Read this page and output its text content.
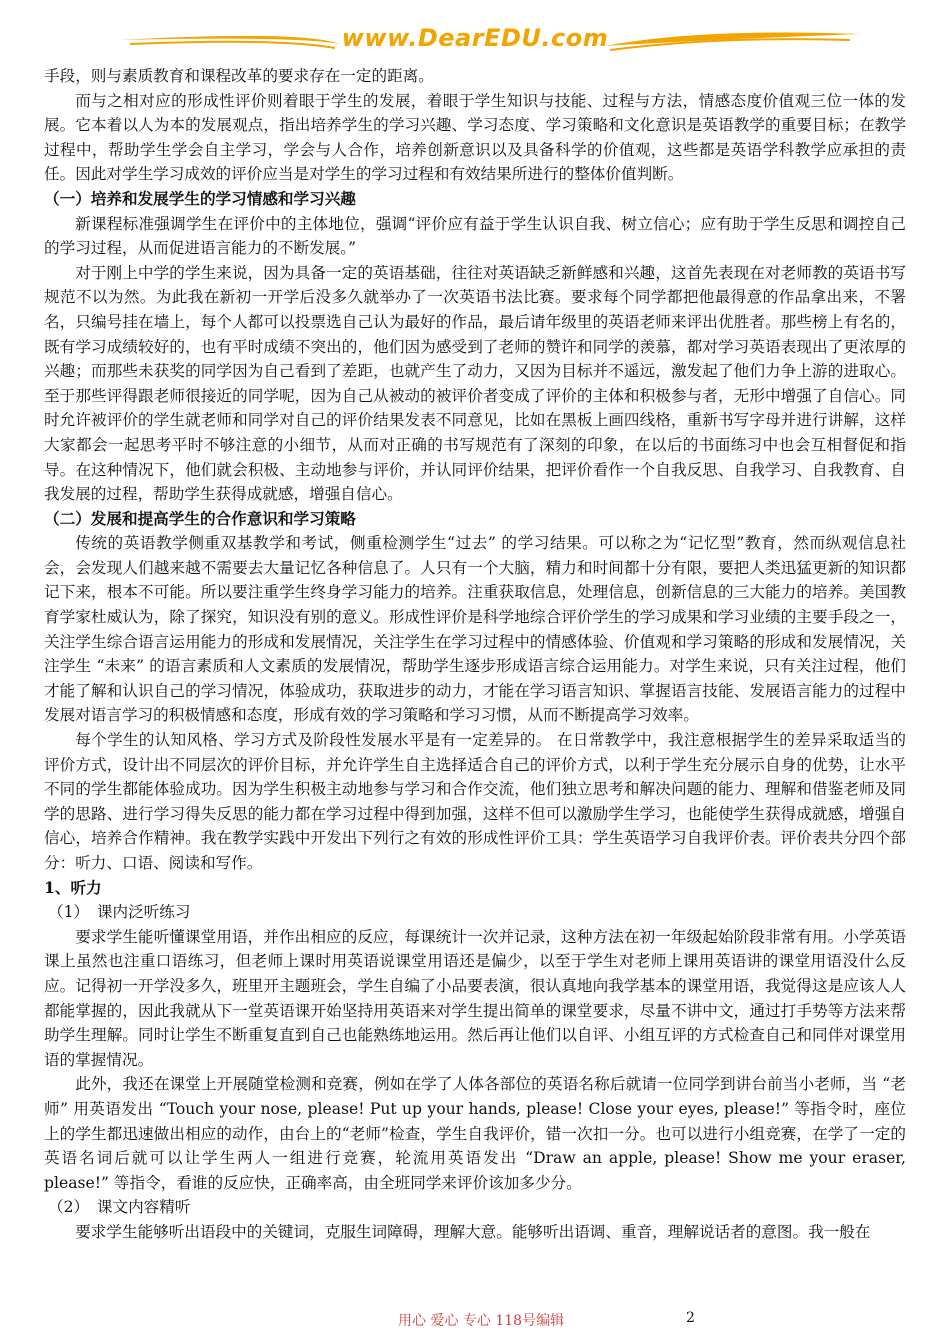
www.DearEDU.com

手段，则与素质教育和课程改革的要求存在一定的距离。

而与之相对应的形成性评价则着眼于学生的发展，着眼于学生知识与技能、过程与方法，情感态度价值观三位一体的发展。它本着以人为本的发展观点，指出培养学生的学习兴趣、学习态度、学习策略和文化意识是英语教学的重要目标；在教学过程中，帮助学生学会自主学习，学会与人合作，培养创新意识以及具备科学的价值观，这些都是英语学科教学应承担的责任。因此对学生学习成效的评价应当是对学生的学习过程和有效结果所进行的整体价值判断。

（一）培养和发展学生的学习情感和学习兴趣

新课程标准强调学生在评价中的主体地位，强调“评价应有益于学生认识自我、树立信心；应有助于学生反思和调控自己的学习过程，从而促进语言能力的不断发展。”

对于刚上中学的学生来说，因为具备一定的英语基础，往往对英语缺乏新鲜感和兴趣，这首先表现在对老师教的英语书写规范不以为然。为此我在新初一开学后没多久就举办了一次英语书法比赛。要求每个同学都把他最得意的作品拿出来，不署名，只编号挂在墙上，每个人都可以投票选自己认为最好的作品，最后请年级里的英语老师来评出优胜者。那些榜上有名的，既有学习成绩较好的，也有平时成绩不突出的，他们因为感受到了老师的赞许和同学的羡慕，都对学习英语表现出了更浓厚的兴趣；而那些未获奖的同学因为自己看到了差距，也就产生了动力，又因为目标并不遥远，激发起了他们力争上游的进取心。至于那些评得跟老师很接近的同学呢，因为自己从被动的被评价者变成了评价的主体和积极参与者，无形中增强了自信心。同时允许被评价的学生就老师和同学对自己的评价结果发表不同意见，比如在黑板上画四线格，重新书写字母并进行讲解，这样大家都会一起思考平时不够注意的小细节，从而对正确的书写规范有了深刻的印象，在以后的书面练习中也会互相督促和指导。在这种情况下，他们就会积极、主动地参与评价，并认同评价结果，把评价看作一个自我反思、自我学习、自我教育、自我发展的过程，帮助学生获得成就感，增强自信心。

（二）发展和提高学生的合作意识和学习策略

传统的英语教学侧重双基教学和考试，侧重检测学生“过去” 的学习结果。可以称之为“记忆型”教育，然而纵观信息社会，会发现人们越来越不需要去大量记忆各种信息了。人只有一个大脑，精力和时间都十分有限，要把人类迅猛更新的知识都记下来，根本不可能。所以要注重学生终身学习能力的培养。注重获取信息，处理信息，创新信息的三大能力的培养。美国教育学家杜威认为，除了探究，知识没有别的意义。形成性评价是科学地综合评价学生的学习成果和学习业绩的主要手段之一，关注学生综合语言运用能力的形成和发展情况，关注学生在学习过程中的情感体验、价值观和学习策略的形成和发展情况，关注学生 “未来” 的语言素质和人文素质的发展情况，帮助学生逐步形成语言综合运用能力。对学生来说，只有关注过程，他们才能了解和认识自己的学习情况，体验成功，获取进步的动力，才能在学习语言知识、掌握语言技能、发展语言能力的过程中发展对语言学习的积极情感和态度，形成有效的学习策略和学习习惯，从而不断提高学习效率。

每个学生的认知风格、学习方式及阶段性发展水平是有一定差异的。 在日常教学中，我注意根据学生的差异采取适当的评价方式，设计出不同层次的评价目标，并允许学生自主选择适合自己的评价方式，以利于学生充分展示自身的优势，让水平不同的学生都能体验成功。因为学生积极主动地参与学习和合作交流，他们独立思考和解决问题的能力、理解和借鉴老师及同学的思路、进行学习得失反思的能力都在学习过程中得到加强，这样不但可以激励学生学习，也能使学生获得成就感，增强自信心，培养合作精神。我在教学实践中开发出下列行之有效的形成性评价工具：学生英语学习自我评价表。评价表共分四个部分：听力、口语、阅读和写作。

1、听力

（1）　课内泛听练习

要求学生能听懂课堂用语，并作出相应的反应，每课统计一次并记录，这种方法在初一年级起始阶段非常有用。小学英语课上虽然也注重口语练习，但老师上课时用英语说课堂用语还是偏少，以至于学生对老师上课用英语讲的课堂用语没什么反应。记得初一开学没多久，班里开主题班会，学生自编了小品要表演，很认真地向我学基本的课堂用语，我觉得这是应该人人都能掌握的，因此我就从下一堂英语课开始坚持用英语来对学生提出简单的课堂要求，尽量不讲中文，通过打手势等方法来帮助学生理解。同时让学生不断重复直到自己也能熟练地运用。然后再让他们以自评、小组互评的方式检查自己和同伴对课堂用语的掌握情况。

此外，我还在课堂上开展随堂检测和竞赛，例如在学了人体各部位的英语名称后就请一位同学到讲台前当小老师，当 “老师” 用英语发出 “Touch your nose, please! Put up your hands, please! Close your eyes, please!” 等指令时，座位上的学生都迅速做出相应的动作，由台上的“老师”检查，学生自我评价，错一次扣一分。也可以进行小组竞赛，在学了一定的英语名词后就可以让学生两人一组进行竞赛，轮流用英语发出 “Draw an apple, please! Show me your eraser, please!” 等指令，看谁的反应快，正确率高，由全班同学来评价该加多少分。

（2）　课文内容精听

要求学生能够听出语段中的关键词，克服生词障碍，理解大意。能够听出语调、重音，理解说话者的意图。我一般在

用心 爱心 专心 118号编辑	2
